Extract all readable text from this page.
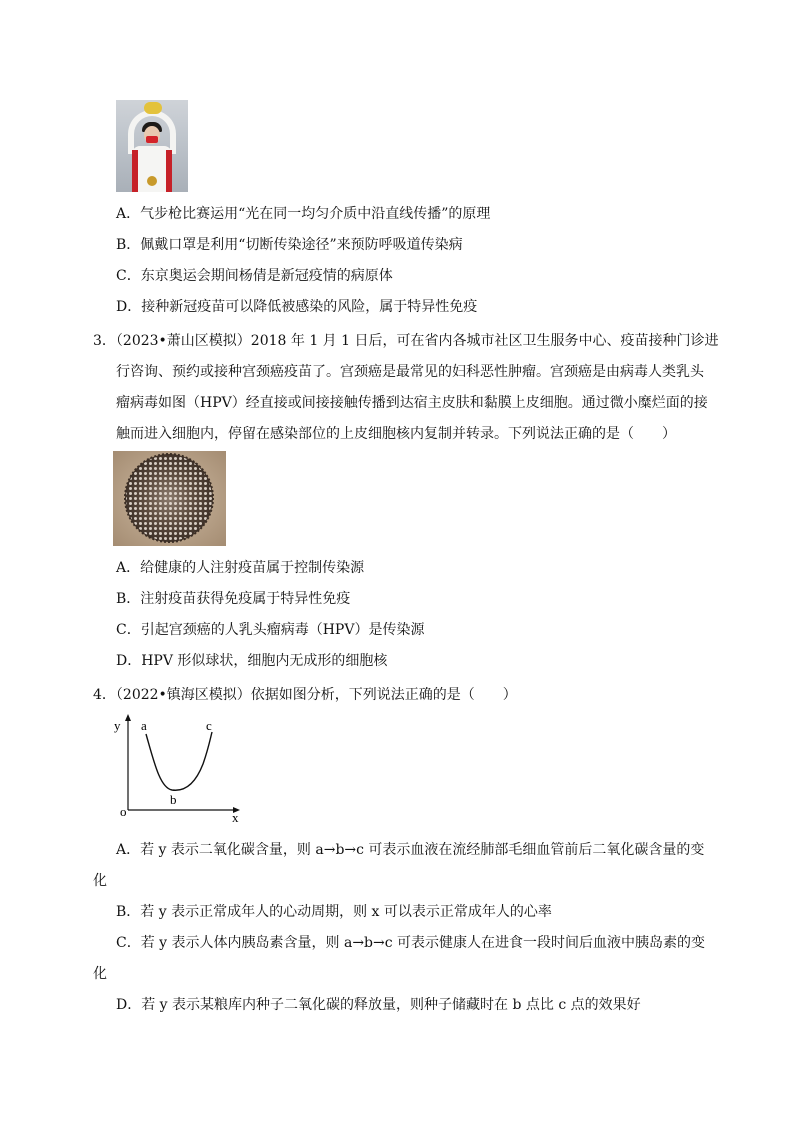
A．气步枪比赛运用“光在同一均匀介质中沿直线传播”的原理
B．佩戴口罩是利用“切断传染途径”来预防呼吸道传染病
C．东京奥运会期间杨倩是新冠疫情的病原体
D．接种新冠疫苗可以降低被感染的风险，属于特异性免疫
3．（2023•萧山区模拟）2018 年 1 月 1 日后，可在省内各城市社区卫生服务中心、疫苗接种门诊进
行咨询、预约或接种宫颈癌疫苗了。宫颈癌是最常见的妇科恶性肿瘤。宫颈癌是由病毒人类乳头
瘤病毒如图（HPV）经直接或间接接触传播到达宿主皮肤和黏膜上皮细胞。通过微小糜烂面的接
触而进入细胞内，停留在感染部位的上皮细胞核内复制并转录。下列说法正确的是（　　）
A．给健康的人注射疫苗属于控制传染源
B．注射疫苗获得免疫属于特异性免疫
C．引起宫颈癌的人乳头瘤病毒（HPV）是传染源
D．HPV 形似球状，细胞内无成形的细胞核
4．（2022•镇海区模拟）依据如图分析，下列说法正确的是（　　）
y a	c
b
o	x
A．若 y 表示二氧化碳含量，则 a→b→c 可表示血液在流经肺部毛细血管前后二氧化碳含量的变
化
B．若 y 表示正常成年人的心动周期，则 x 可以表示正常成年人的心率
C．若 y 表示人体内胰岛素含量，则 a→b→c 可表示健康人在进食一段时间后血液中胰岛素的变
化
D．若 y 表示某粮库内种子二氧化碳的释放量，则种子储藏时在 b 点比 c 点的效果好
